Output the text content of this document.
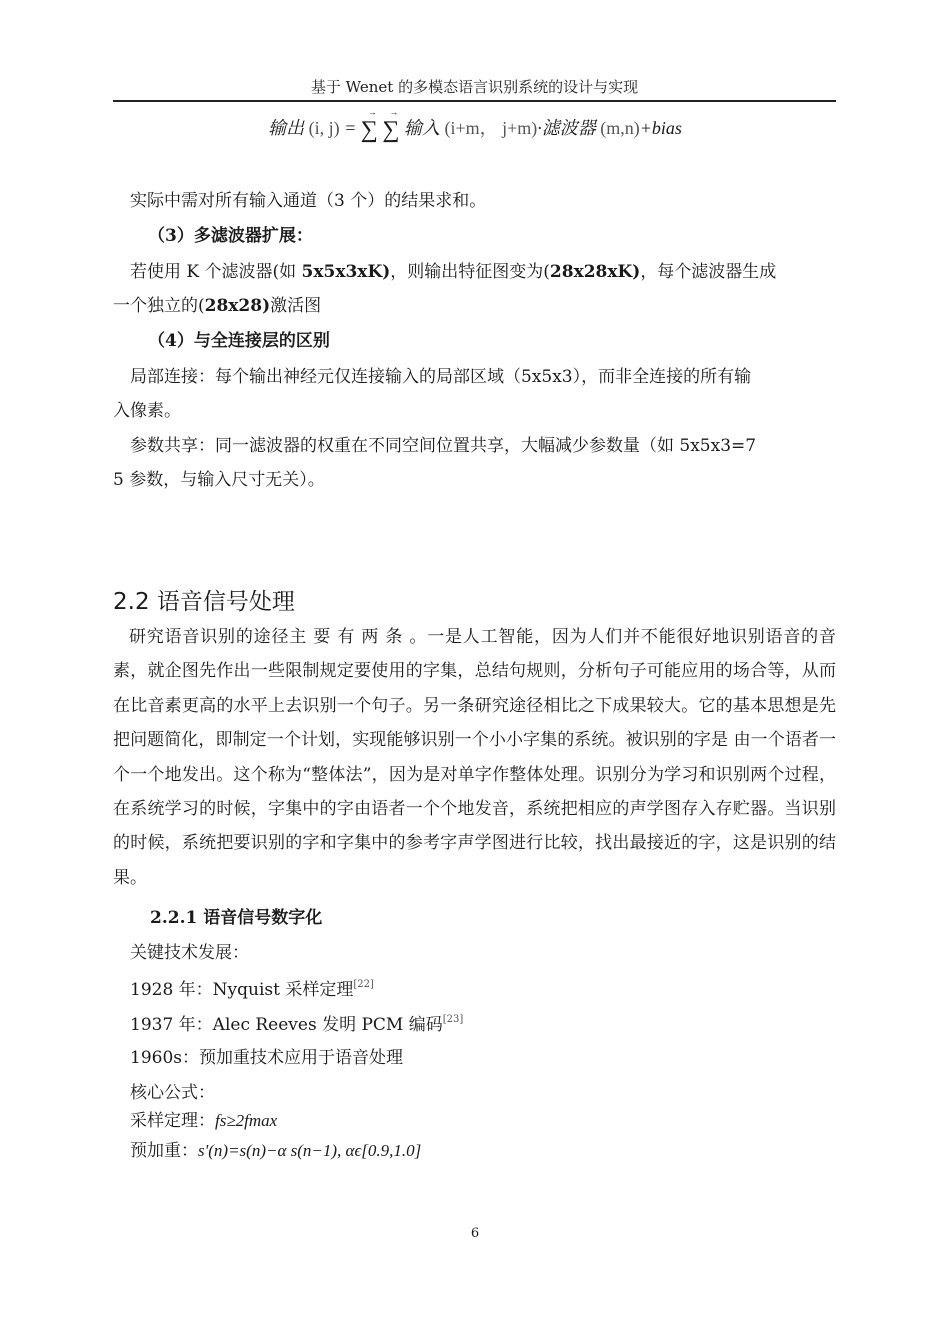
基于 Wenet 的多模态语言识别系统的设计与实现
输出 (i, j) = ∑
→
∑
→
输入 (i+m， j+m)·滤波器 (m,n)+bias
实际中需对所有输入通道（3 个）的结果求和。
（3）多滤波器扩展：
若使用 K 个滤波器(如 5x5x3xK)，则输出特征图变为(28x28xK)，每个滤波器生成
一个独立的(28x28)激活图
（4）与全连接层的区别
局部连接：每个输出神经元仅连接输入的局部区域（5x5x3），而非全连接的所有输
入像素。
参数共享：同一滤波器的权重在不同空间位置共享，大幅减少参数量（如 5x5x3=7
5 参数，与输入尺寸无关）。
2.2 语音信号处理
研究语音识别的途径主 要 有 两 条 。一是人工智能，因为人们并不能很好地识别语音的音素，就企图先作出一些限制规定要使用的字集，总结句规则，分析句子可能应用的场合等，从而在比音素更高的水平上去识别一个句子。另一条研究途径相比之下成果较大。它的基本思想是先把问题简化，即制定一个计划，实现能够识别一个小小字集的系统。被识别的字是 由一个语者一个一个地发出。这个称为“整体法”，因为是对单字作整体处理。识别分为学习和识别两个过程，在系统学习的时候，字集中的字由语者一个个地发音，系统把相应的声学图存入存贮器。当识别的时候，系统把要识别的字和字集中的参考字声学图进行比较，找出最接近的字，这是识别的结果。
2.2.1 语音信号数字化
关键技术发展：
1928 年：Nyquist 采样定理[22]
1937 年：Alec Reeves 发明 PCM 编码[23]
1960s：预加重技术应用于语音处理
核心公式：
采样定理：fs≥2fmax
预加重：s'(n)=s(n)−α s(n−1), αϵ[0.9,1.0]
6
